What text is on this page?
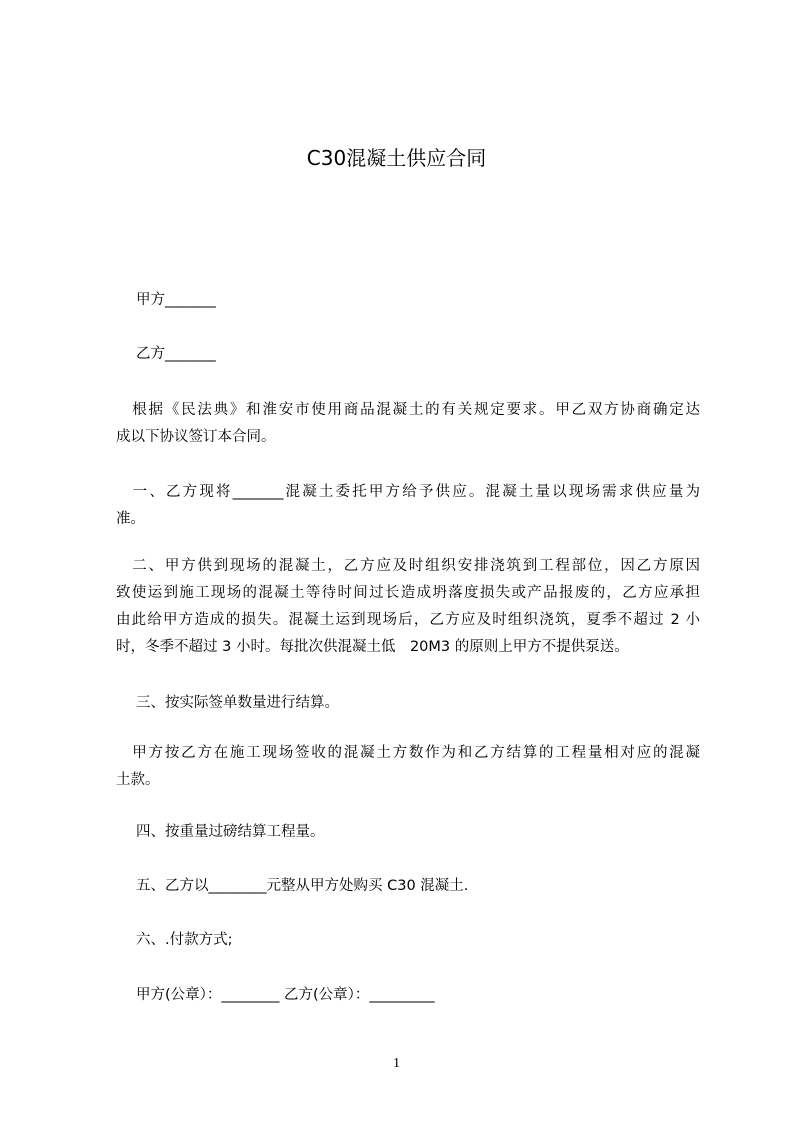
C30混凝土供应合同
甲方_______
乙方_______
　根据《民法典》和淮安市使用商品混凝土的有关规定要求。甲乙双方协商确定达
成以下协议签订本合同。
　一、乙方现将_______混凝土委托甲方给予供应。混凝土量以现场需求供应量为
准。
　二、甲方供到现场的混凝土，乙方应及时组织安排浇筑到工程部位，因乙方原因
致使运到施工现场的混凝土等待时间过长造成坍落度损失或产品报废的，乙方应承担
由此给甲方造成的损失。混凝土运到现场后，乙方应及时组织浇筑，夏季不超过 2 小
时，冬季不超过 3 小时。每批次供混凝土低　20M3 的原则上甲方不提供泵送。
三、按实际签单数量进行结算。
　甲方按乙方在施工现场签收的混凝土方数作为和乙方结算的工程量相对应的混凝
土款。
四、按重量过磅结算工程量。
五、乙方以________元整从甲方处购买 C30 混凝土.
六、.付款方式;
甲方(公章）：________ 乙方(公章）：_________
1
